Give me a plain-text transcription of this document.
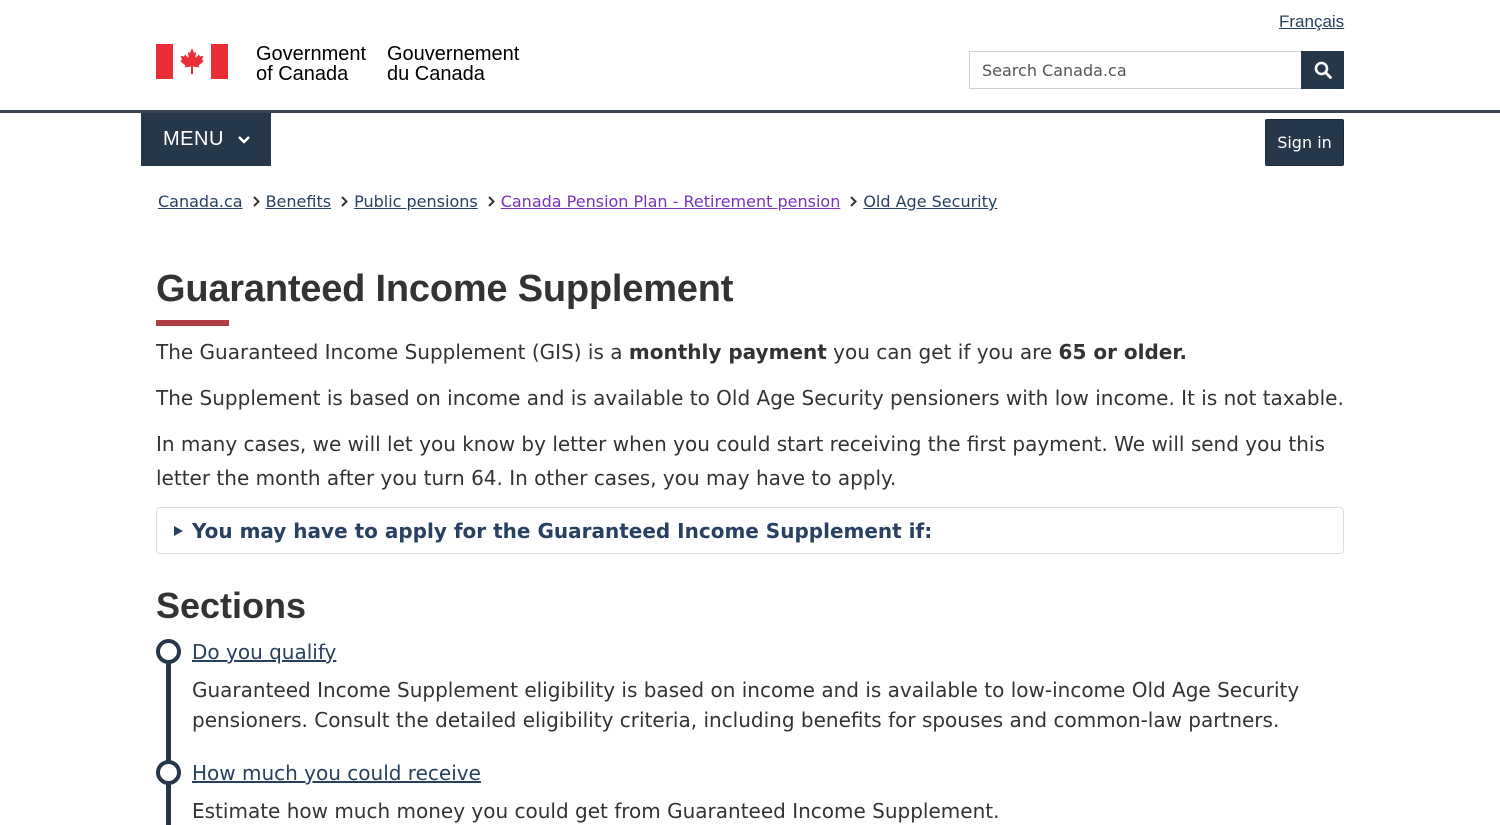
Français
Government
of Canada
Gouvernement
du Canada
Search Canada.ca
MENU	Sign in
Canada.ca Benefits Public pensions Canada Pension Plan - Retirement pension Old Age Security
Guaranteed Income Supplement

The Guaranteed Income Supplement (GIS) is a monthly payment you can get if you are 65 or older.

The Supplement is based on income and is available to Old Age Security pensioners with low income. It is not taxable.

In many cases, we will let you know by letter when you could start receiving the first payment. We will send you this letter the month after you turn 64. In other cases, you may have to apply.

You may have to apply for the Guaranteed Income Supplement if:
Sections
Do you qualify

Guaranteed Income Supplement eligibility is based on income and is available to low-income Old Age Security pensioners. Consult the detailed eligibility criteria, including benefits for spouses and common-law partners.

How much you could receive

Estimate how much money you could get from Guaranteed Income Supplement.
